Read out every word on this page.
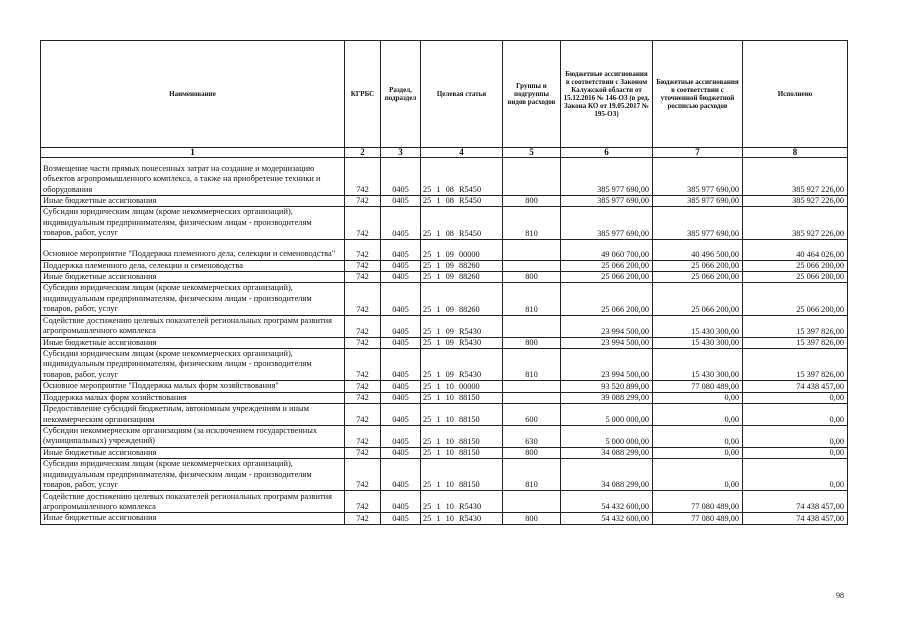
Наименование	КГРБС	Раздел, подраздел	Целевая статья	Группы и подгруппы видов расходов	Бюджетные ассигнования в соответствии с Законом Калужской области от 15.12.2016 № 146-ОЗ (в ред. Закона КО от 19.05.2017 № 195-ОЗ)	Бюджетные ассигнования в соответствии с уточненной бюджетной росписью расходов	Исполнено
1	2	3	4	5	6	7	8
Возмещение части прямых понесенных затрат на создание и модернизацию объектов агропромышленного комплекса, а также на приобретение техники и оборудования	742	0405	25 1 08 R5450		385 977 690,00	385 977 690,00	385 927 226,00
Иные бюджетные ассигнования	742	0405	25 1 08 R5450	800	385 977 690,00	385 977 690,00	385 927 226,00
Субсидии юридическим лицам (кроме некоммерческих организаций), индивидуальным предпринимателям, физическим лицам - производителям товаров, работ, услуг	742	0405	25 1 08 R5450	810	385 977 690,00	385 977 690,00	385 927 226,00
Основное мероприятие "Поддержка племенного дела, селекции и семеноводства"	742	0405	25 1 09 00000		49 060 700,00	40 496 500,00	40 464 026,00
Поддержка племенного дела, селекции и семеноводства	742	0405	25 1 09 88260		25 066 200,00	25 066 200,00	25 066 200,00
Иные бюджетные ассигнования	742	0405	25 1 09 88260	800	25 066 200,00	25 066 200,00	25 066 200,00
Субсидии юридическим лицам (кроме некоммерческих организаций), индивидуальным предпринимателям, физическим лицам - производителям товаров, работ, услуг	742	0405	25 1 09 88260	810	25 066 200,00	25 066 200,00	25 066 200,00
Содействие достижению целевых показателей региональных программ развития агропромышленного комплекса	742	0405	25 1 09 R5430		23 994 500,00	15 430 300,00	15 397 826,00
Иные бюджетные ассигнования	742	0405	25 1 09 R5430	800	23 994 500,00	15 430 300,00	15 397 826,00
Субсидии юридическим лицам (кроме некоммерческих организаций), индивидуальным предпринимателям, физическим лицам - производителям товаров, работ, услуг	742	0405	25 1 09 R5430	810	23 994 500,00	15 430 300,00	15 397 826,00
Основное мероприятие "Поддержка малых форм хозяйствования"	742	0405	25 1 10 00000		93 520 899,00	77 080 489,00	74 438 457,00
Поддержка малых форм хозяйствования	742	0405	25 1 10 88150		39 088 299,00	0,00	0,00
Предоставление субсидий бюджетным, автономным учреждениям и иным некоммерческим организациям	742	0405	25 1 10 88150	600	5 000 000,00	0,00	0,00
Субсидии некоммерческим организациям (за исключением государственных (муниципальных) учреждений)	742	0405	25 1 10 88150	630	5 000 000,00	0,00	0,00
Иные бюджетные ассигнования	742	0405	25 1 10 88150	800	34 088 299,00	0,00	0,00
Субсидии юридическим лицам (кроме некоммерческих организаций), индивидуальным предпринимателям, физическим лицам - производителям товаров, работ, услуг	742	0405	25 1 10 88150	810	34 088 299,00	0,00	0,00
Содействие достижению целевых показателей региональных программ развития агропромышленного комплекса	742	0405	25 1 10 R5430		54 432 600,00	77 080 489,00	74 438 457,00
Иные бюджетные ассигнования	742	0405	25 1 10 R5430	800	54 432 600,00	77 080 489,00	74 438 457,00
98
